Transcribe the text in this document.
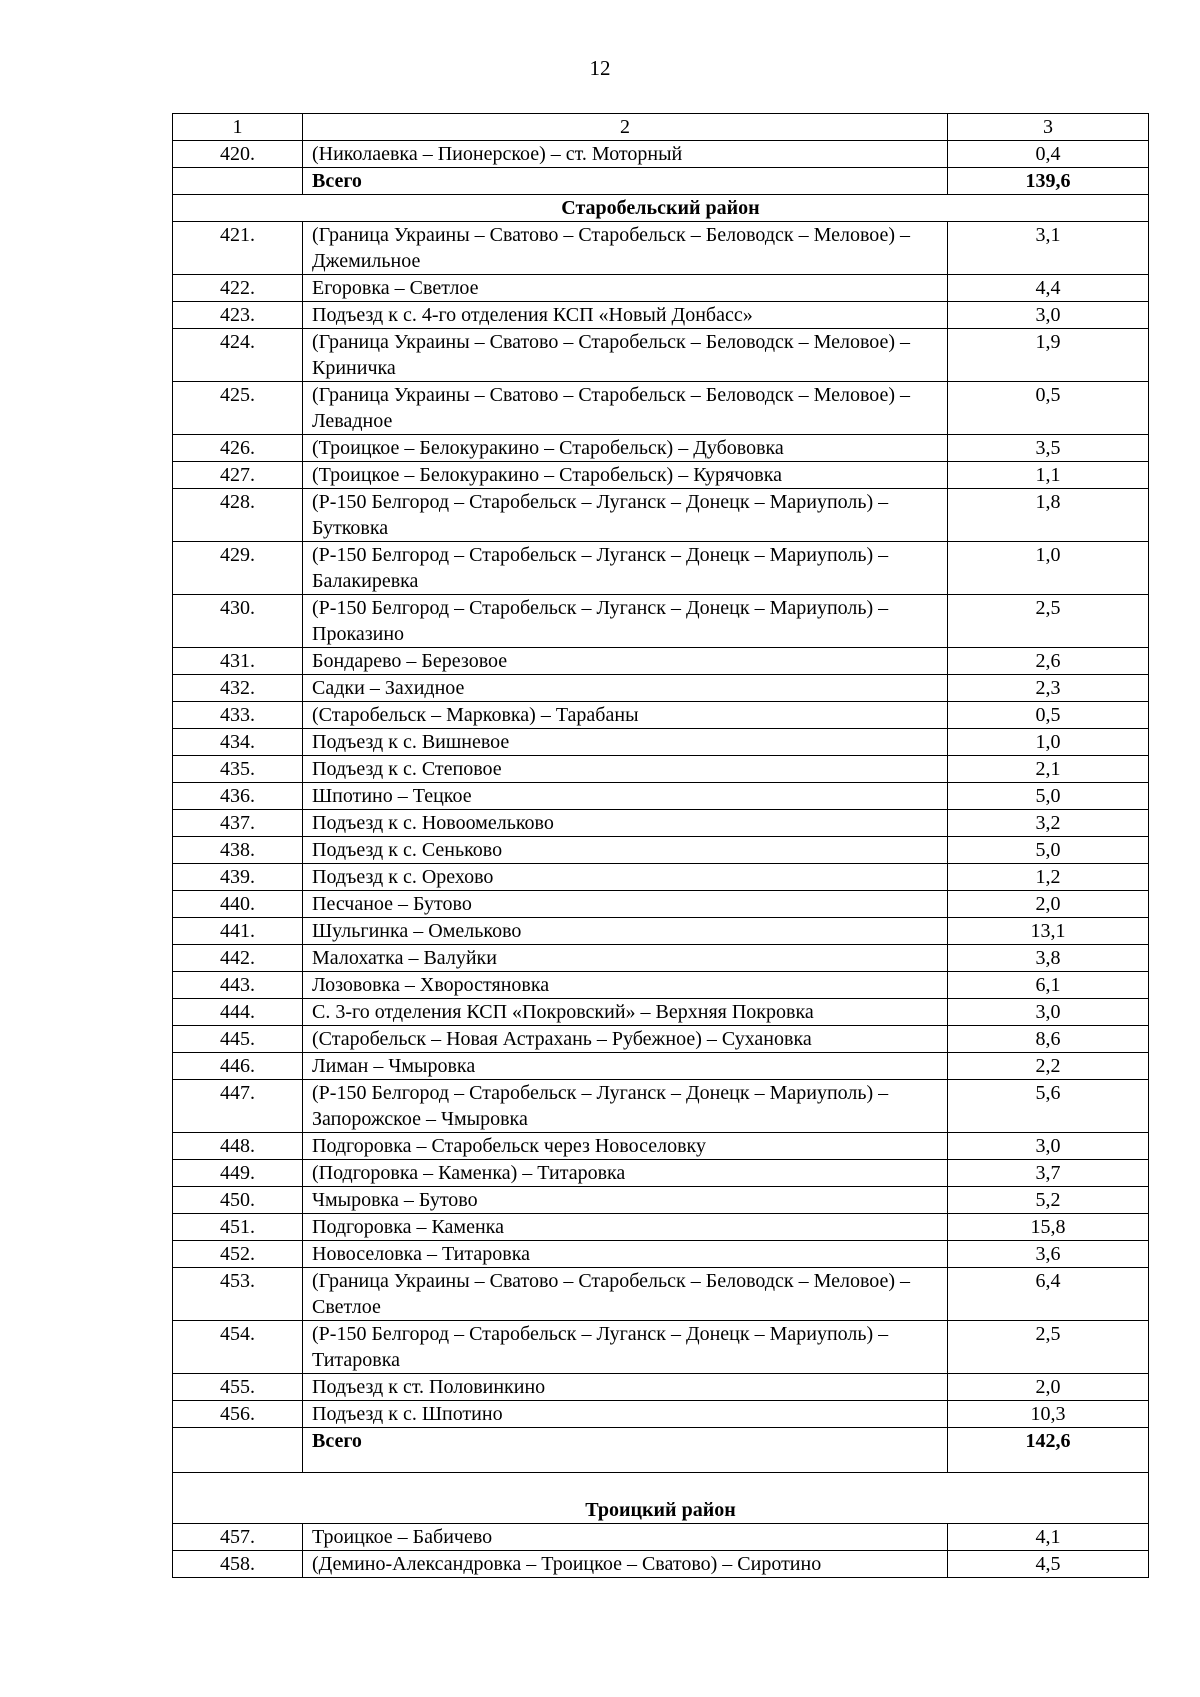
12
1	2	3
420.	(Николаевка – Пионерское) – ст. Моторный	0,4
	Всего	139,6
Старобельский район		
421.	(Граница Украины – Сватово – Старобельск – Беловодск – Меловое) – Джемильное	3,1
422.	Егоровка – Светлое	4,4
423.	Подъезд к с. 4-го отделения КСП «Новый Донбасс»	3,0
424.	(Граница Украины – Сватово – Старобельск – Беловодск – Меловое) – Криничка	1,9
425.	(Граница Украины – Сватово – Старобельск – Беловодск – Меловое) – Левадное	0,5
426.	(Троицкое – Белокуракино – Старобельск) – Дубововка	3,5
427.	(Троицкое – Белокуракино – Старобельск) – Курячовка	1,1
428.	(Р-150 Белгород – Старобельск – Луганск – Донецк – Мариуполь) – Бутковка	1,8
429.	(Р-150 Белгород – Старобельск – Луганск – Донецк – Мариуполь) – Балакиревка	1,0
430.	(Р-150 Белгород – Старобельск – Луганск – Донецк – Мариуполь) – Проказино	2,5
431.	Бондарево – Березовое	2,6
432.	Садки – Захидное	2,3
433.	(Старобельск – Марковка) – Тарабаны	0,5
434.	Подъезд к с. Вишневое	1,0
435.	Подъезд к с. Степовое	2,1
436.	Шпотино – Тецкое	5,0
437.	Подъезд к с. Новоомельково	3,2
438.	Подъезд к с. Сеньково	5,0
439.	Подъезд к с. Орехово	1,2
440.	Песчаное – Бутово	2,0
441.	Шульгинка – Омельково	13,1
442.	Малохатка – Валуйки	3,8
443.	Лозововка – Хворостяновка	6,1
444.	С. 3-го отделения КСП «Покровский» – Верхняя Покровка	3,0
445.	(Старобельск – Новая Астрахань – Рубежное) – Сухановка	8,6
446.	Лиман – Чмыровка	2,2
447.	(Р-150 Белгород – Старобельск – Луганск – Донецк – Мариуполь) – Запорожское – Чмыровка	5,6
448.	Подгоровка – Старобельск через Новоселовку	3,0
449.	(Подгоровка – Каменка) – Титаровка	3,7
450.	Чмыровка – Бутово	5,2
451.	Подгоровка – Каменка	15,8
452.	Новоселовка – Титаровка	3,6
453.	(Граница Украины – Сватово – Старобельск – Беловодск – Меловое) – Светлое	6,4
454.	(Р-150 Белгород – Старобельск – Луганск – Донецк – Мариуполь) – Титаровка	2,5
455.	Подъезд к ст. Половинкино	2,0
456.	Подъезд к с. Шпотино	10,3
	Всего	142,6
Троицкий район		
457.	Троицкое – Бабичево	4,1
458.	(Демино-Александровка – Троицкое – Сватово) – Сиротино	4,5
